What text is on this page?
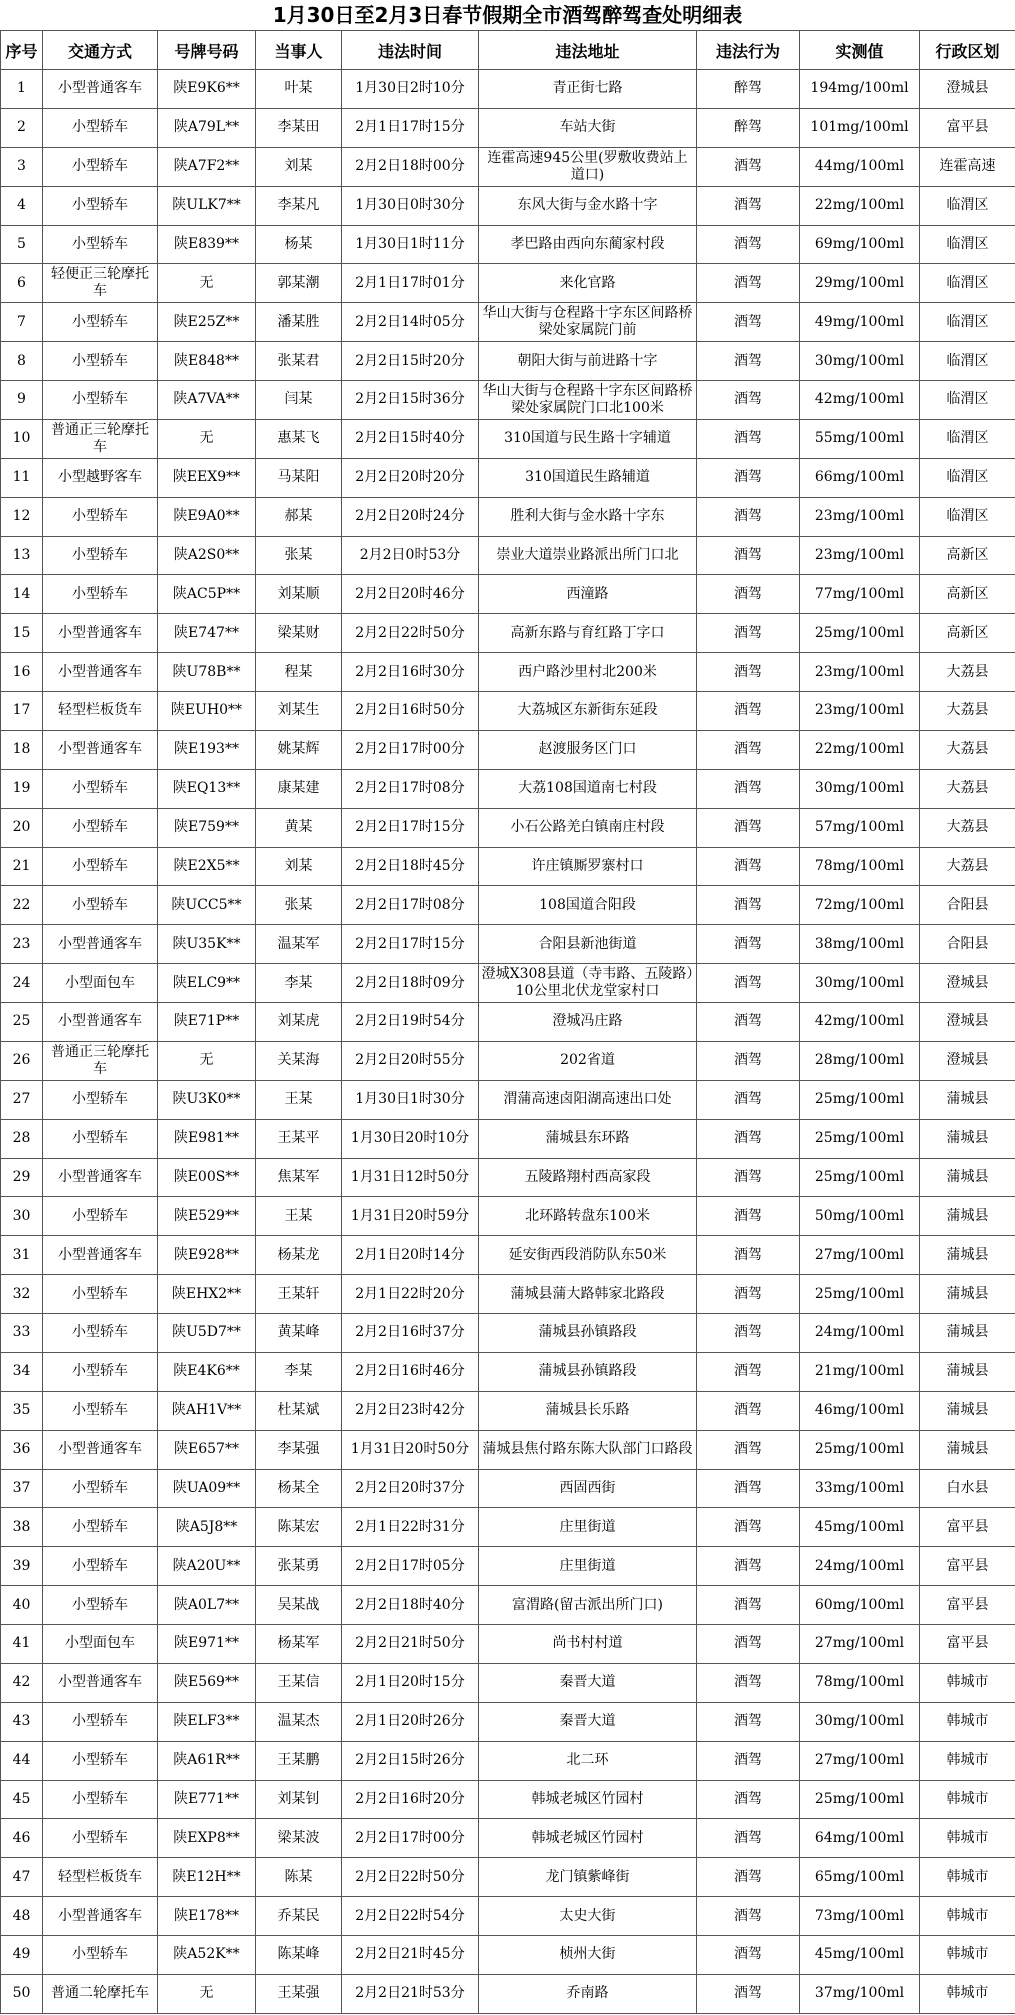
1月30日至2月3日春节假期全市酒驾醉驾查处明细表
序号	交通方式	号牌号码	当事人	违法时间	违法地址	违法行为	实测值	行政区划
1	小型普通客车	陕E9K6**	叶某	1月30日2时10分	青正街七路	醉驾	194mg/100ml	澄城县
2	小型轿车	陕A79L**	李某田	2月1日17时15分	车站大街	醉驾	101mg/100ml	富平县
3	小型轿车	陕A7F2**	刘某	2月2日18时00分	连霍高速945公里(罗敷收费站上道口)	酒驾	44mg/100ml	连霍高速
4	小型轿车	陕ULK7**	李某凡	1月30日0时30分	东风大街与金水路十字	酒驾	22mg/100ml	临渭区
5	小型轿车	陕E839**	杨某	1月30日1时11分	孝巴路由西向东蔺家村段	酒驾	69mg/100ml	临渭区
6	轻便正三轮摩托车	无	郭某潮	2月1日17时01分	来化官路	酒驾	29mg/100ml	临渭区
7	小型轿车	陕E25Z**	潘某胜	2月2日14时05分	华山大街与仓程路十字东区间路桥梁处家属院门前	酒驾	49mg/100ml	临渭区
8	小型轿车	陕E848**	张某君	2月2日15时20分	朝阳大街与前进路十字	酒驾	30mg/100ml	临渭区
9	小型轿车	陕A7VA**	闫某	2月2日15时36分	华山大街与仓程路十字东区间路桥梁处家属院门口北100米	酒驾	42mg/100ml	临渭区
10	普通正三轮摩托车	无	惠某飞	2月2日15时40分	310国道与民生路十字辅道	酒驾	55mg/100ml	临渭区
11	小型越野客车	陕EEX9**	马某阳	2月2日20时20分	310国道民生路辅道	酒驾	66mg/100ml	临渭区
12	小型轿车	陕E9A0**	郝某	2月2日20时24分	胜利大街与金水路十字东	酒驾	23mg/100ml	临渭区
13	小型轿车	陕A2S0**	张某	2月2日0时53分	崇业大道崇业路派出所门口北	酒驾	23mg/100ml	高新区
14	小型轿车	陕AC5P**	刘某顺	2月2日20时46分	西潼路	酒驾	77mg/100ml	高新区
15	小型普通客车	陕E747**	梁某财	2月2日22时50分	高新东路与育红路丁字口	酒驾	25mg/100ml	高新区
16	小型普通客车	陕U78B**	程某	2月2日16时30分	西户路沙里村北200米	酒驾	23mg/100ml	大荔县
17	轻型栏板货车	陕EUH0**	刘某生	2月2日16时50分	大荔城区东新街东延段	酒驾	23mg/100ml	大荔县
18	小型普通客车	陕E193**	姚某辉	2月2日17时00分	赵渡服务区门口	酒驾	22mg/100ml	大荔县
19	小型轿车	陕EQ13**	康某建	2月2日17时08分	大荔108国道南七村段	酒驾	30mg/100ml	大荔县
20	小型轿车	陕E759**	黄某	2月2日17时15分	小石公路羌白镇南庄村段	酒驾	57mg/100ml	大荔县
21	小型轿车	陕E2X5**	刘某	2月2日18时45分	许庄镇厮罗寨村口	酒驾	78mg/100ml	大荔县
22	小型轿车	陕UCC5**	张某	2月2日17时08分	108国道合阳段	酒驾	72mg/100ml	合阳县
23	小型普通客车	陕U35K**	温某军	2月2日17时15分	合阳县新池街道	酒驾	38mg/100ml	合阳县
24	小型面包车	陕ELC9**	李某	2月2日18时09分	澄城X308县道（寺韦路、五陵路）10公里北伏龙堂家村口	酒驾	30mg/100ml	澄城县
25	小型普通客车	陕E71P**	刘某虎	2月2日19时54分	澄城冯庄路	酒驾	42mg/100ml	澄城县
26	普通正三轮摩托车	无	关某海	2月2日20时55分	202省道	酒驾	28mg/100ml	澄城县
27	小型轿车	陕U3K0**	王某	1月30日1时30分	渭蒲高速卤阳湖高速出口处	酒驾	25mg/100ml	蒲城县
28	小型轿车	陕E981**	王某平	1月30日20时10分	蒲城县东环路	酒驾	25mg/100ml	蒲城县
29	小型普通客车	陕E00S**	焦某军	1月31日12时50分	五陵路翔村西高家段	酒驾	25mg/100ml	蒲城县
30	小型轿车	陕E529**	王某	1月31日20时59分	北环路转盘东100米	酒驾	50mg/100ml	蒲城县
31	小型普通客车	陕E928**	杨某龙	2月1日20时14分	延安街西段消防队东50米	酒驾	27mg/100ml	蒲城县
32	小型轿车	陕EHX2**	王某轩	2月1日22时20分	蒲城县蒲大路韩家北路段	酒驾	25mg/100ml	蒲城县
33	小型轿车	陕U5D7**	黄某峰	2月2日16时37分	蒲城县孙镇路段	酒驾	24mg/100ml	蒲城县
34	小型轿车	陕E4K6**	李某	2月2日16时46分	蒲城县孙镇路段	酒驾	21mg/100ml	蒲城县
35	小型轿车	陕AH1V**	杜某斌	2月2日23时42分	蒲城县长乐路	酒驾	46mg/100ml	蒲城县
36	小型普通客车	陕E657**	李某强	1月31日20时50分	蒲城县焦付路东陈大队部门口路段	酒驾	25mg/100ml	蒲城县
37	小型轿车	陕UA09**	杨某全	2月2日20时37分	西固西街	酒驾	33mg/100ml	白水县
38	小型轿车	陕A5J8**	陈某宏	2月1日22时31分	庄里街道	酒驾	45mg/100ml	富平县
39	小型轿车	陕A20U**	张某勇	2月2日17时05分	庄里街道	酒驾	24mg/100ml	富平县
40	小型轿车	陕A0L7**	吴某战	2月2日18时40分	富渭路(留古派出所门口)	酒驾	60mg/100ml	富平县
41	小型面包车	陕E971**	杨某军	2月2日21时50分	尚书村村道	酒驾	27mg/100ml	富平县
42	小型普通客车	陕E569**	王某信	2月1日20时15分	秦晋大道	酒驾	78mg/100ml	韩城市
43	小型轿车	陕ELF3**	温某杰	2月1日20时26分	秦晋大道	酒驾	30mg/100ml	韩城市
44	小型轿车	陕A61R**	王某鹏	2月2日15时26分	北二环	酒驾	27mg/100ml	韩城市
45	小型轿车	陕E771**	刘某钊	2月2日16时20分	韩城老城区竹园村	酒驾	25mg/100ml	韩城市
46	小型轿车	陕EXP8**	梁某波	2月2日17时00分	韩城老城区竹园村	酒驾	64mg/100ml	韩城市
47	轻型栏板货车	陕E12H**	陈某	2月2日22时50分	龙门镇紫峰街	酒驾	65mg/100ml	韩城市
48	小型普通客车	陕E178**	乔某民	2月2日22时54分	太史大街	酒驾	73mg/100ml	韩城市
49	小型轿车	陕A52K**	陈某峰	2月2日21时45分	桢州大街	酒驾	45mg/100ml	韩城市
50	普通二轮摩托车	无	王某强	2月2日21时53分	乔南路	酒驾	37mg/100ml	韩城市
